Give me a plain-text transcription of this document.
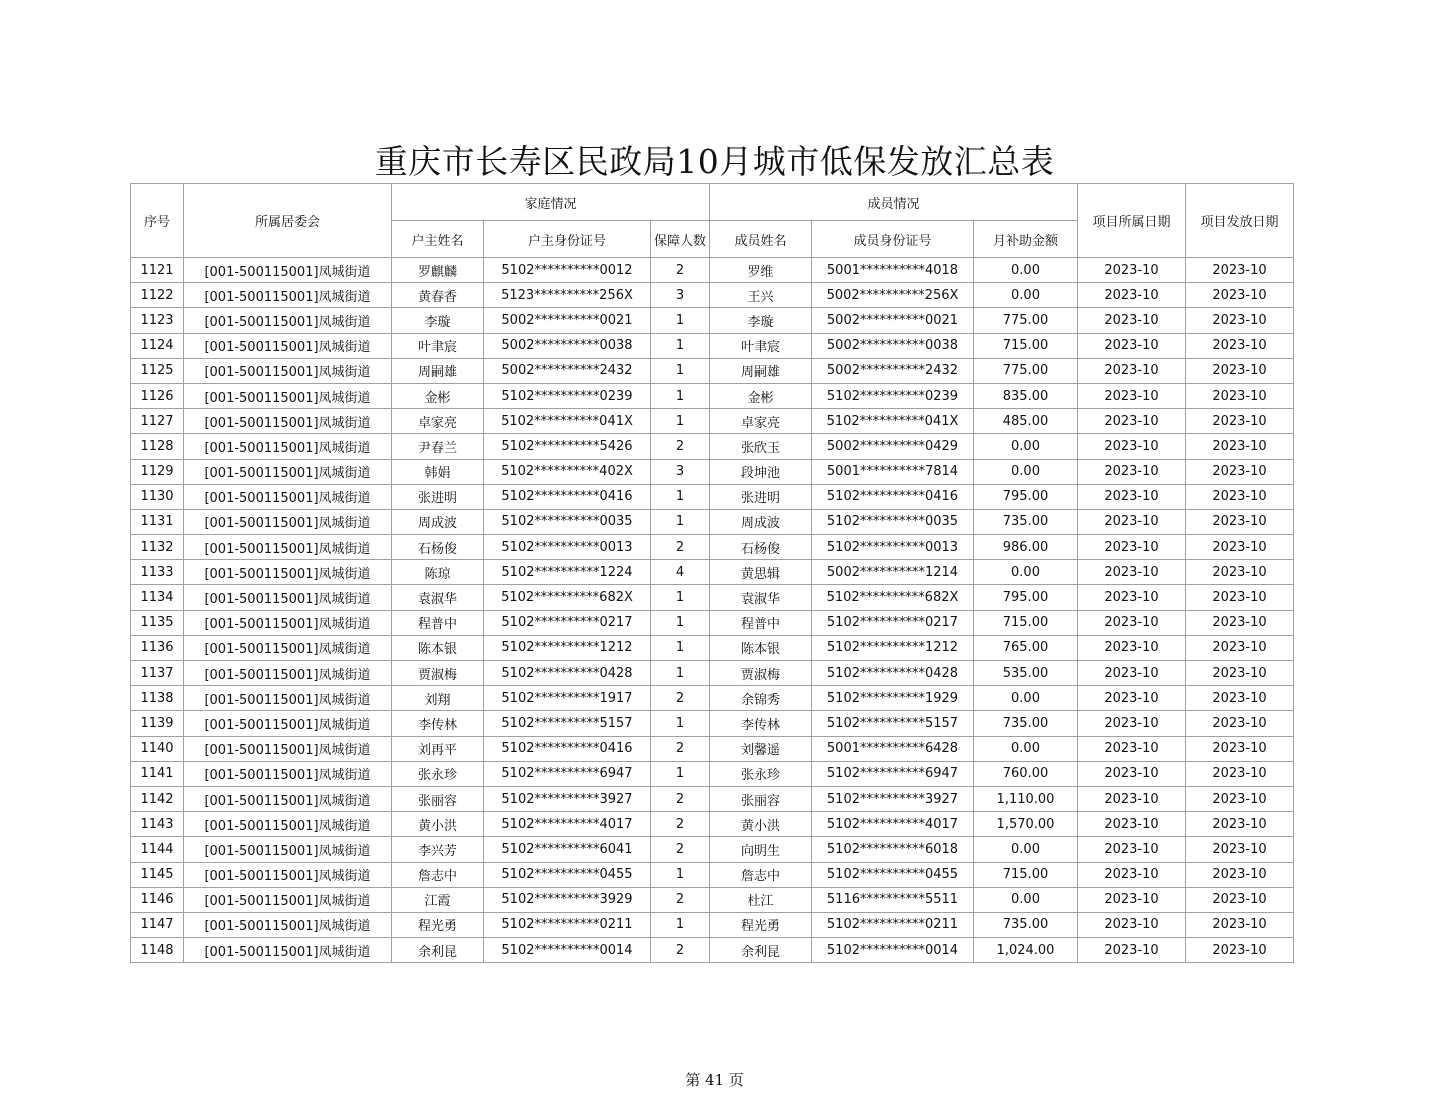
重庆市长寿区民政局10月城市低保发放汇总表
序号	所属居委会	家庭情况			成员情况			项目所属日期	项目发放日期
		户主姓名	户主身份证号	保障人数	成员姓名	成员身份证号	月补助金额		
1121	[001-500115001]凤城街道	罗麒麟	5102**********0012	2	罗维	5001**********4018	0.00	2023-10	2023-10
1122	[001-500115001]凤城街道	黄春香	5123**********256X	3	王兴	5002**********256X	0.00	2023-10	2023-10
1123	[001-500115001]凤城街道	李璇	5002**********0021	1	李璇	5002**********0021	775.00	2023-10	2023-10
1124	[001-500115001]凤城街道	叶聿宸	5002**********0038	1	叶聿宸	5002**********0038	715.00	2023-10	2023-10
1125	[001-500115001]凤城街道	周嗣雄	5002**********2432	1	周嗣雄	5002**********2432	775.00	2023-10	2023-10
1126	[001-500115001]凤城街道	金彬	5102**********0239	1	金彬	5102**********0239	835.00	2023-10	2023-10
1127	[001-500115001]凤城街道	卓家亮	5102**********041X	1	卓家亮	5102**********041X	485.00	2023-10	2023-10
1128	[001-500115001]凤城街道	尹春兰	5102**********5426	2	张欣玉	5002**********0429	0.00	2023-10	2023-10
1129	[001-500115001]凤城街道	韩娟	5102**********402X	3	段坤池	5001**********7814	0.00	2023-10	2023-10
1130	[001-500115001]凤城街道	张进明	5102**********0416	1	张进明	5102**********0416	795.00	2023-10	2023-10
1131	[001-500115001]凤城街道	周成波	5102**********0035	1	周成波	5102**********0035	735.00	2023-10	2023-10
1132	[001-500115001]凤城街道	石杨俊	5102**********0013	2	石杨俊	5102**********0013	986.00	2023-10	2023-10
1133	[001-500115001]凤城街道	陈琼	5102**********1224	4	黄思辑	5002**********1214	0.00	2023-10	2023-10
1134	[001-500115001]凤城街道	袁淑华	5102**********682X	1	袁淑华	5102**********682X	795.00	2023-10	2023-10
1135	[001-500115001]凤城街道	程普中	5102**********0217	1	程普中	5102**********0217	715.00	2023-10	2023-10
1136	[001-500115001]凤城街道	陈本银	5102**********1212	1	陈本银	5102**********1212	765.00	2023-10	2023-10
1137	[001-500115001]凤城街道	贾淑梅	5102**********0428	1	贾淑梅	5102**********0428	535.00	2023-10	2023-10
1138	[001-500115001]凤城街道	刘翔	5102**********1917	2	余锦秀	5102**********1929	0.00	2023-10	2023-10
1139	[001-500115001]凤城街道	李传林	5102**********5157	1	李传林	5102**********5157	735.00	2023-10	2023-10
1140	[001-500115001]凤城街道	刘再平	5102**********0416	2	刘馨遥	5001**********6428	0.00	2023-10	2023-10
1141	[001-500115001]凤城街道	张永珍	5102**********6947	1	张永珍	5102**********6947	760.00	2023-10	2023-10
1142	[001-500115001]凤城街道	张丽容	5102**********3927	2	张丽容	5102**********3927	1,110.00	2023-10	2023-10
1143	[001-500115001]凤城街道	黄小洪	5102**********4017	2	黄小洪	5102**********4017	1,570.00	2023-10	2023-10
1144	[001-500115001]凤城街道	李兴芳	5102**********6041	2	向明生	5102**********6018	0.00	2023-10	2023-10
1145	[001-500115001]凤城街道	詹志中	5102**********0455	1	詹志中	5102**********0455	715.00	2023-10	2023-10
1146	[001-500115001]凤城街道	江霞	5102**********3929	2	杜江	5116**********5511	0.00	2023-10	2023-10
1147	[001-500115001]凤城街道	程光勇	5102**********0211	1	程光勇	5102**********0211	735.00	2023-10	2023-10
1148	[001-500115001]凤城街道	余利昆	5102**********0014	2	余利昆	5102**********0014	1,024.00	2023-10	2023-10
第 41 页
